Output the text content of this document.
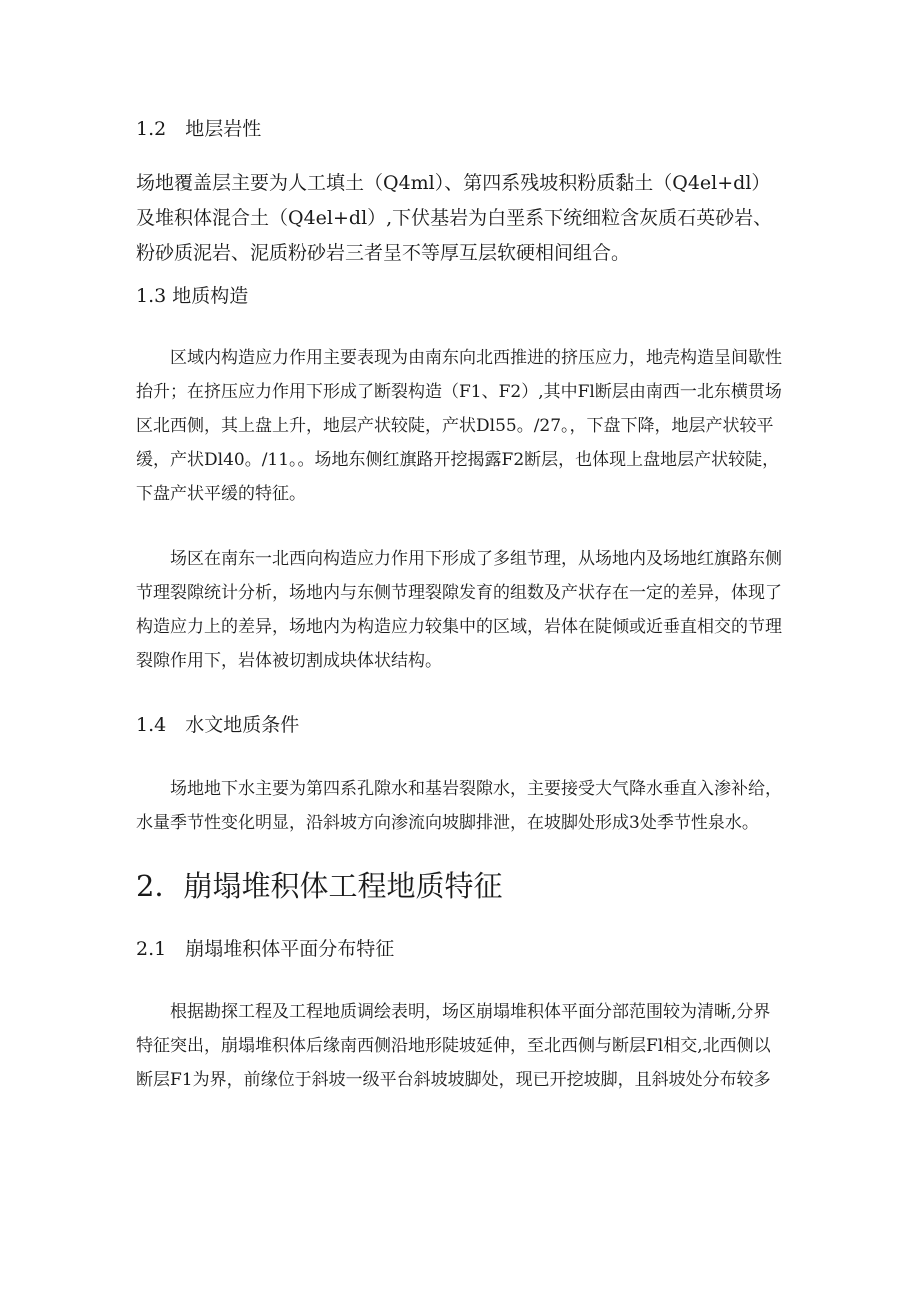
1.2　地层岩性
场地覆盖层主要为人工填土（Q4ml）、第四系残坡积粉质黏土（Q4el+dl）
及堆积体混合土（Q4el+dl）,下伏基岩为白垩系下统细粒含灰质石英砂岩、
粉砂质泥岩、泥质粉砂岩三者呈不等厚互层软硬相间组合。
1.3 地质构造
　　区域内构造应力作用主要表现为由南东向北西推进的挤压应力，地壳构造呈间歇性
抬升；在挤压应力作用下形成了断裂构造（F1、F2）,其中Fl断层由南西一北东横贯场
区北西侧，其上盘上升，地层产状较陡，产状Dl55。/27。，下盘下降，地层产状较平
缓，产状Dl40。/11。。场地东侧红旗路开挖揭露F2断层，也体现上盘地层产状较陡，
下盘产状平缓的特征。
　　场区在南东一北西向构造应力作用下形成了多组节理，从场地内及场地红旗路东侧
节理裂隙统计分析，场地内与东侧节理裂隙发育的组数及产状存在一定的差异，体现了
构造应力上的差异，场地内为构造应力较集中的区域，岩体在陡倾或近垂直相交的节理
裂隙作用下，岩体被切割成块体状结构。
1.4　水文地质条件
　　场地地下水主要为第四系孔隙水和基岩裂隙水，主要接受大气降水垂直入渗补给，
水量季节性变化明显，沿斜坡方向渗流向坡脚排泄，在坡脚处形成3处季节性泉水。
2．崩塌堆积体工程地质特征
2.1　崩塌堆积体平面分布特征
　　根据勘探工程及工程地质调绘表明，场区崩塌堆积体平面分部范围较为清晰,分界
特征突出，崩塌堆积体后缘南西侧沿地形陡坡延伸，至北西侧与断层Fl相交,北西侧以
断层F1为界，前缘位于斜坡一级平台斜坡坡脚处，现已开挖坡脚，且斜坡处分布较多
